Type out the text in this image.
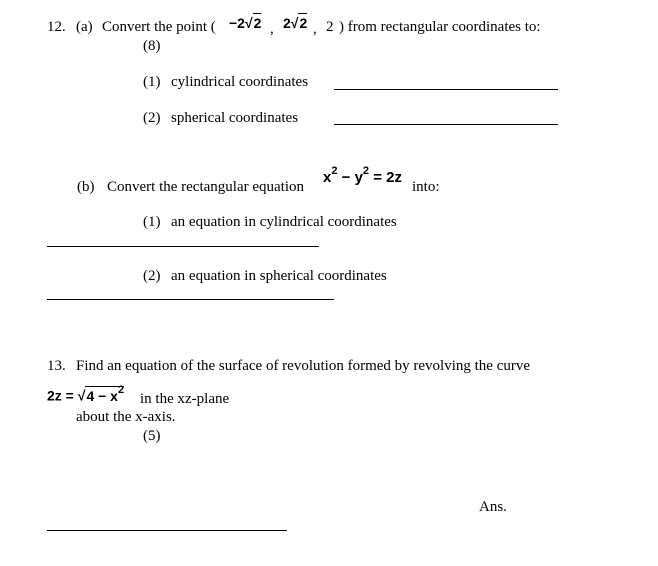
12. (a) Convert the point ( −2√2 , 2√2 , 2 ) from rectangular coordinates to:
(8)
(1) cylindrical coordinates
(2) spherical coordinates
(b) Convert the rectangular equation
$x^2 - y^2 = 2z$
into:
(1) an equation in cylindrical coordinates
(2) an equation in spherical coordinates
13. Find an equation of the surface of revolution formed by revolving the curve
$2z = √4 - x^2$
in the xz-plane
about the x-axis.
(5)
Ans.
